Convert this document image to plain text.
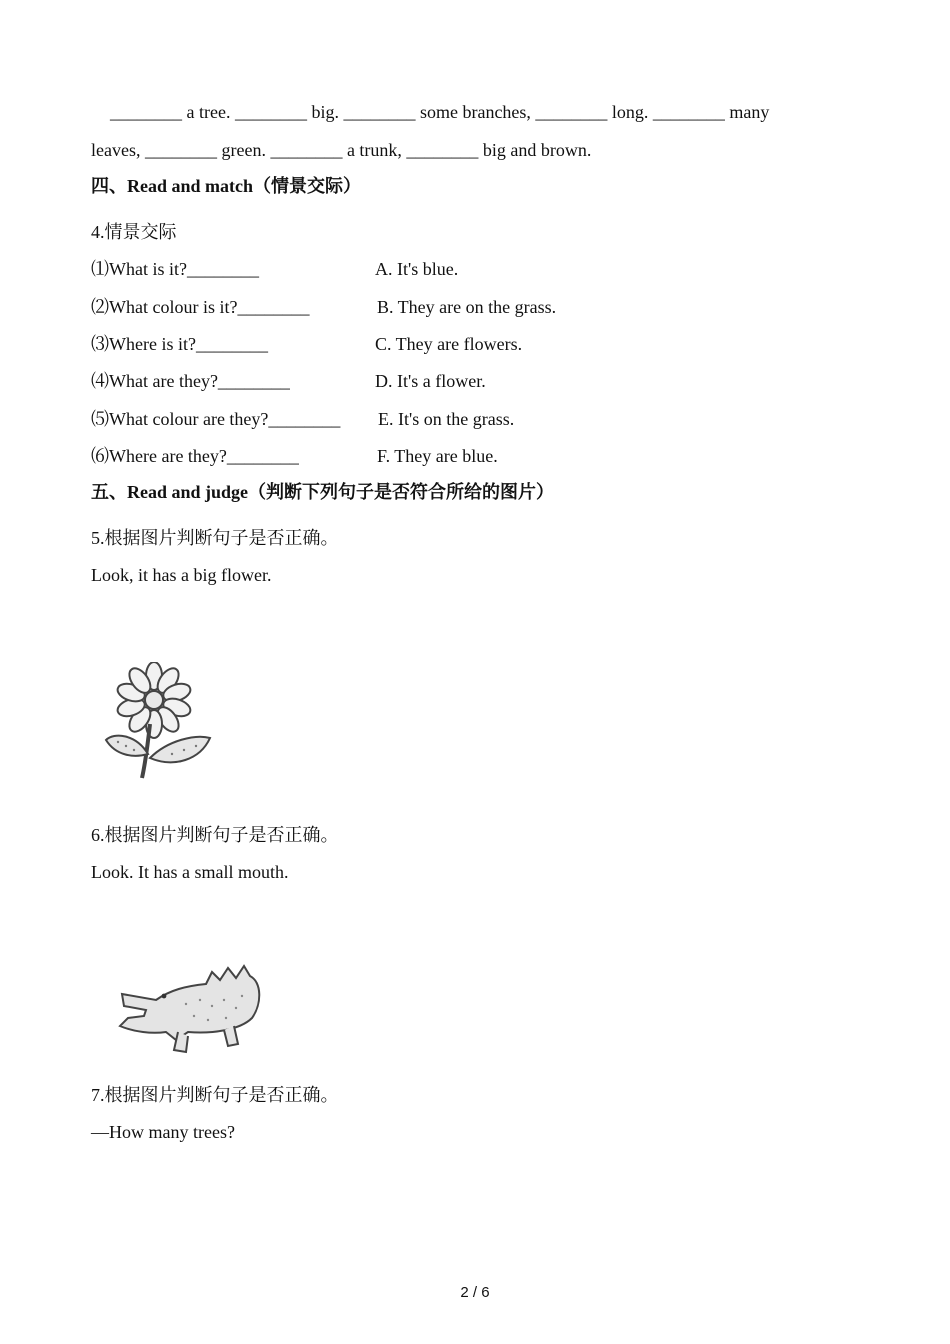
________ a tree. ________ big. ________ some branches, ________ long. ________ many
leaves, ________ green. ________ a trunk, ________ big and brown.
四、Read and match（情景交际）
4.情景交际
⑴What is it?________
⑵What colour is it?________
⑶Where is it?________
⑷What are they?________
⑸What colour are they?________
⑹Where are they?________
A. It's blue.
B. They are on the grass.
C. They are flowers.
D. It's a flower.
E. It's on the grass.
F. They are blue.
五、Read and judge（判断下列句子是否符合所给的图片）
5.根据图片判断句子是否正确。
Look, it has a big flower.
6.根据图片判断句子是否正确。
Look. It has a small mouth.
7.根据图片判断句子是否正确。
—How many trees?
2 / 6
